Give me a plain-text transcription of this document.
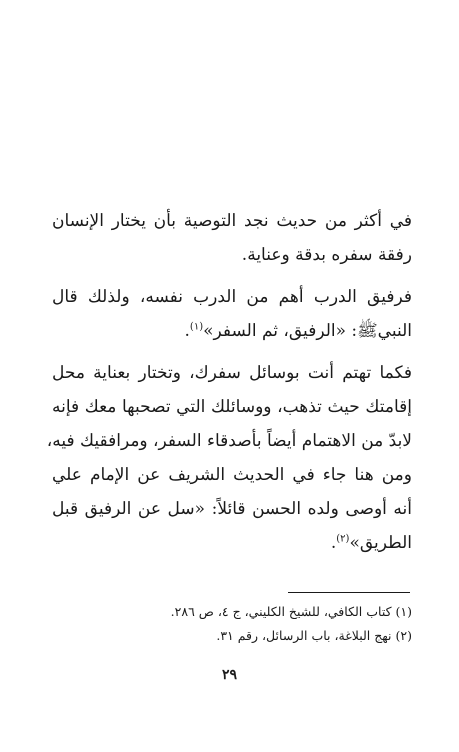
في أكثر من حديث نجد التوصية بأن يختار الإنسان
رفقة سفره بدقة وعناية.
فرفيق الدرب أهم من الدرب نفسه، ولذلك قال
النبيﷺ: «الرفيق، ثم السفر»$^{(١)}$.
فكما تهتم أنت بوسائل سفرك، وتختار بعناية محل
إقامتك حيث تذهب، ووسائلك التي تصحبها معك فإنه
لابدّ من الاهتمام أيضاً بأصدقاء السفر، ومرافقيك فيه،
ومن هنا جاء في الحديث الشريف عن الإمام علي
أنه أوصى ولده الحسن قائلاً: «سل عن الرفيق قبل
الطريق»$^{(٢)}$.
(١) كتاب الكافي، للشيخ الكليني، ج ٤، ص ٢٨٦.
(٢) نهج البلاغة، باب الرسائل، رقم ٣١.
٢٩
